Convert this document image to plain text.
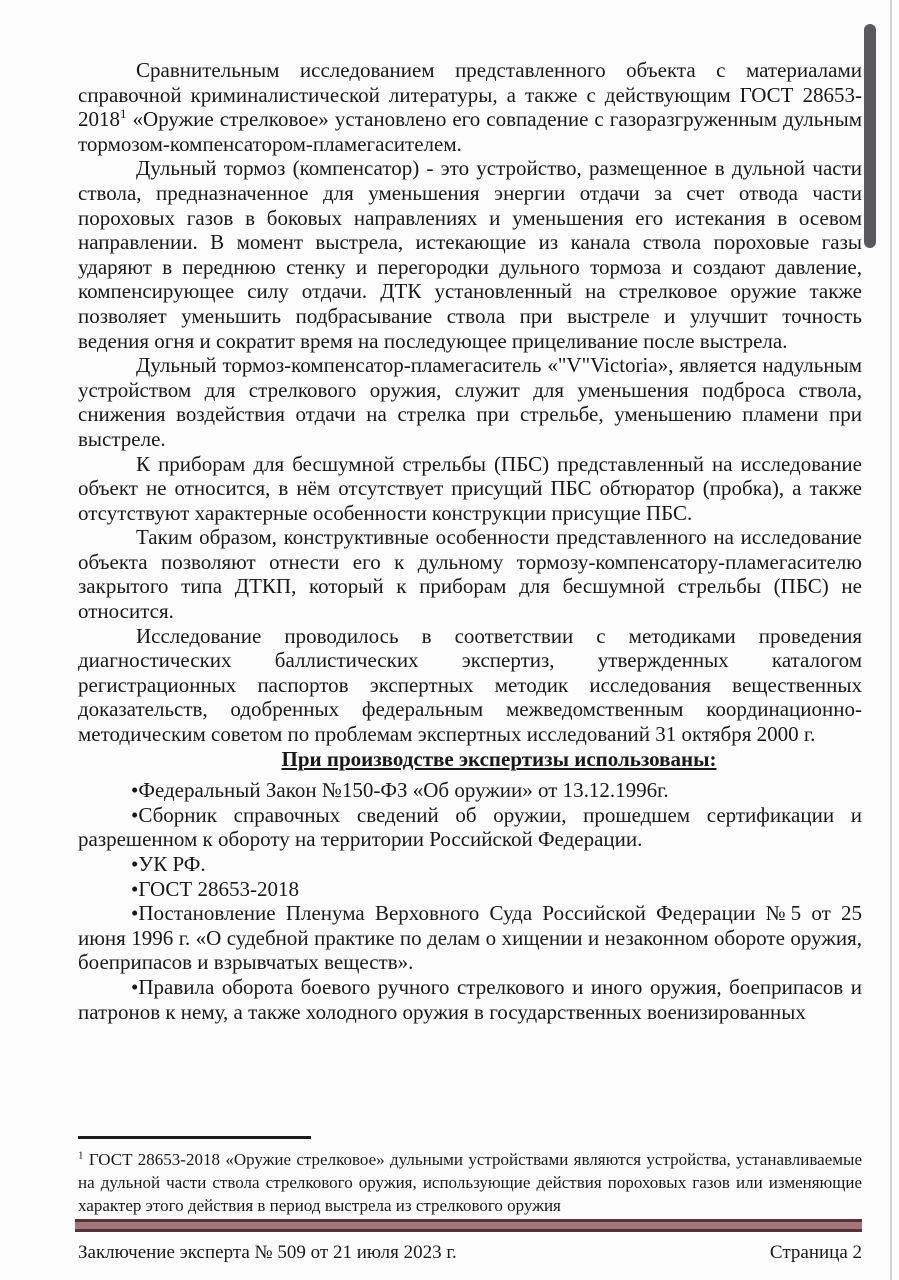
Сравнительным исследованием представленного объекта с материалами справочной криминалистической литературы, а также с действующим ГОСТ 28653-2018$^1$ «Оружие стрелковое» установлено его совпадение с газоразгруженным дульным тормозом-компенсатором-пламегасителем.

Дульный тормоз (компенсатор) - это устройство, размещенное в дульной части ствола, предназначенное для уменьшения энергии отдачи за счет отвода части пороховых газов в боковых направлениях и уменьшения его истекания в осевом направлении. В момент выстрела, истекающие из канала ствола пороховые газы ударяют в переднюю стенку и перегородки дульного тормоза и создают давление, компенсирующее силу отдачи. ДТК установленный на стрелковое оружие также позволяет уменьшить подбрасывание ствола при выстреле и улучшит точность ведения огня и сократит время на последующее прицеливание после выстрела.

Дульный тормоз-компенсатор-пламегаситель «"V"Victoria», является надульным устройством для стрелкового оружия, служит для уменьшения подброса ствола, снижения воздействия отдачи на стрелка при стрельбе, уменьшению пламени при выстреле.

К приборам для бесшумной стрельбы (ПБС) представленный на исследование объект не относится, в нём отсутствует присущий ПБС обтюратор (пробка), а также отсутствуют характерные особенности конструкции присущие ПБС.

Таким образом, конструктивные особенности представленного на исследование объекта позволяют отнести его к дульному тормозу-компенсатору-пламегасителю закрытого типа ДТКП, который к приборам для бесшумной стрельбы (ПБС) не относится.

Исследование проводилось в соответствии с методиками проведения диагностических баллистических экспертиз, утвержденных каталогом регистрационных паспортов экспертных методик исследования вещественных доказательств, одобренных федеральным межведомственным координационно-методическим советом по проблемам экспертных исследований 31 октября 2000 г.

При производстве экспертизы использованы:

•Федеральный Закон №150-ФЗ «Об оружии» от 13.12.1996г.

•Сборник справочных сведений об оружии, прошедшем сертификации и разрешенном к обороту на территории Российской Федерации.

•УК РФ.

•ГОСТ 28653-2018

•Постановление Пленума Верховного Суда Российской Федерации №5 от 25 июня 1996 г. «О судебной практике по делам о хищении и незаконном обороте оружия, боеприпасов и взрывчатых веществ».

•Правила оборота боевого ручного стрелкового и иного оружия, боеприпасов и патронов к нему, а также холодного оружия в государственных военизированных

$^1$ ГОСТ 28653-2018 «Оружие стрелковое» дульными устройствами являются устройства, устанавливаемые на дульной части ствола стрелкового оружия, использующие действия пороховых газов или изменяющие характер этого действия в период выстрела из стрелкового оружия
Заключение эксперта № 509 от 21 июля 2023 г.	Страница 2
